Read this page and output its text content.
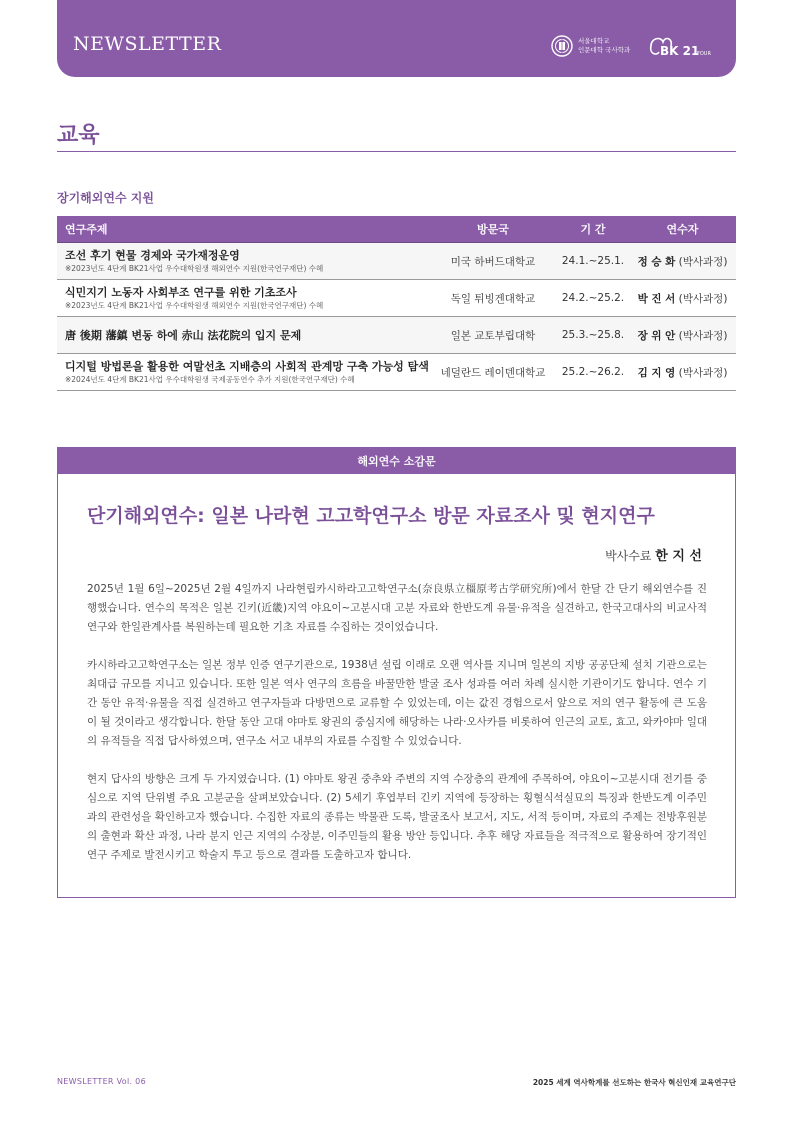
NEWSLETTER	서울대학교
인문대학 국사학과 BK 21
FOUR
교육
장기해외연수 지원
연구주제	방문국	기 간	연수자
조선 후기 현물 경제와 국가재정운영
※2023년도 4단계 BK21사업 우수대학원생 해외연수 지원(한국연구재단) 수혜
미국 하버드대학교	24.1.~25.1.	정 승 화 (박사과정)
식민지기 노동자 사회부조 연구를 위한 기초조사
※2023년도 4단계 BK21사업 우수대학원생 해외연수 지원(한국연구재단) 수혜
독일 튀빙겐대학교	24.2.~25.2.	박 진 서 (박사과정)
唐 後期 藩鎮 변동 하에 赤山 法花院의 입지 문제	일본 교토부립대학	25.3.~25.8.	장 위 안 (박사과정)
디지털 방법론을 활용한 여말선초 지배층의 사회적 관계망 구축 가능성 탐색
※2024년도 4단계 BK21사업 우수대학원생 국제공동연수 추가 지원(한국연구재단) 수혜
네덜란드 레이덴대학교	25.2.~26.2.	김 지 영 (박사과정)
해외연수 소감문
단기해외연수: 일본 나라현 고고학연구소 방문 자료조사 및 현지연구
박사수료 한 지 선

2025년 1월 6일~2025년 2월 4일까지 나라현립카시하라고고학연구소(奈良県立橿原考古学研究所)에서 한달 간 단기 해외연수를 진행했습니다. 연수의 목적은 일본 긴키(近畿)지역 야요이~고분시대 고분 자료와 한반도계 유물·유적을 실견하고, 한국고대사의 비교사적 연구와 한일관계사를 복원하는데 필요한 기초 자료를 수집하는 것이었습니다.

카시하라고고학연구소는 일본 정부 인증 연구기관으로, 1938년 설립 이래로 오랜 역사를 지니며 일본의 지방 공공단체 설치 기관으로는 최대급 규모를 지니고 있습니다. 또한 일본 역사 연구의 흐름을 바꿀만한 발굴 조사 성과를 여러 차례 실시한 기관이기도 합니다. 연수 기간 동안 유적·유물을 직접 실견하고 연구자들과 다방면으로 교류할 수 있었는데, 이는 값진 경험으로서 앞으로 저의 연구 활동에 큰 도움이 될 것이라고 생각합니다. 한달 동안 고대 야마토 왕권의 중심지에 해당하는 나라·오사카를 비롯하여 인근의 교토, 효고, 와카야마 일대의 유적들을 직접 답사하였으며, 연구소 서고 내부의 자료를 수집할 수 있었습니다.

현지 답사의 방향은 크게 두 가지였습니다. (1) 야마토 왕권 중추와 주변의 지역 수장층의 관계에 주목하여, 야요이~고분시대 전기를 중심으로 지역 단위별 주요 고분군을 살펴보았습니다. (2) 5세기 후엽부터 긴키 지역에 등장하는 횡혈식석실묘의 특징과 한반도계 이주민과의 관련성을 확인하고자 했습니다. 수집한 자료의 종류는 박물관 도록, 발굴조사 보고서, 지도, 서적 등이며, 자료의 주제는 전방후원분의 출현과 확산 과정, 나라 분지 인근 지역의 수장분, 이주민들의 활용 방안 등입니다. 추후 해당 자료들을 적극적으로 활용하여 장기적인 연구 주제로 발전시키고 학술지 투고 등으로 결과를 도출하고자 합니다.

NEWSLETTER Vol. 06	2025 세계 역사학계를 선도하는 한국사 혁신인재 교육연구단
